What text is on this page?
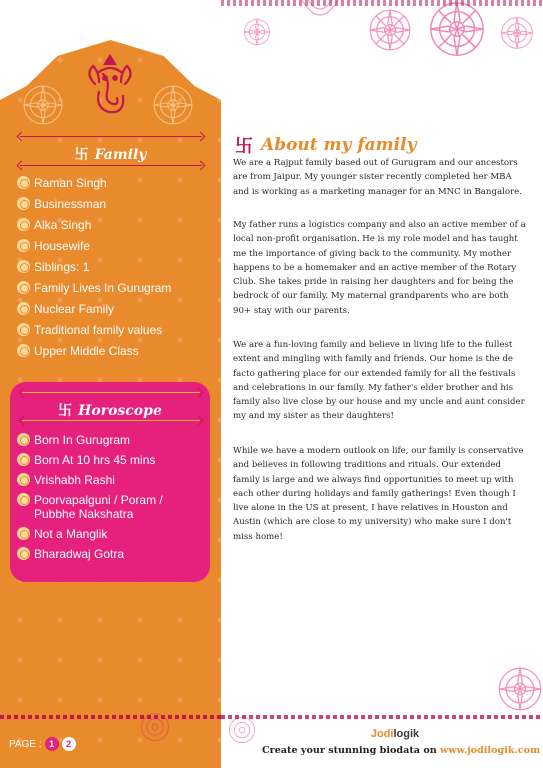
卐 Family
Raman Singh
Businessman
Alka Singh
Housewife
Siblings: 1
Family Lives In Gurugram
Nuclear Family
Traditional family values
Upper Middle Class
卐 Horoscope
Born In Gurugram
Born At 10 hrs 45 mins
Vrishabh Rashi
Poorvapalguni / Poram / Pubbhe Nakshatra
Not a Manglik
Bharadwaj Gotra
PAGE : 1	2
卐 About my family

We are a Rajput family based out of Gurugram and our ancestors are from Jaipur. My younger sister recently completed her MBA and is working as a marketing manager for an MNC in Bangalore.

My father runs a logistics company and also an active member of a local non-profit organisation. He is my role model and has taught me the importance of giving back to the community. My mother happens to be a homemaker and an active member of the Rotary Club. She takes pride in raising her daughters and for being the bedrock of our family. My maternal grandparents who are both 90+ stay with our parents.

We are a fun-loving family and believe in living life to the fullest extent and mingling with family and friends. Our home is the de facto gathering place for our extended family for all the festivals and celebrations in our family. My father's elder brother and his family also live close by our house and my uncle and aunt consider my and my sister as their daughters!

While we have a modern outlook on life, our family is conservative and believes in following traditions and rituals. Our extended family is large and we always find opportunities to meet up with each other during holidays and family gatherings! Even though I live alone in the US at present, I have relatives in Houston and Austin (which are close to my university) who make sure I don't miss home!

Jodilogik
Create your stunning biodata on www.jodilogik.com
